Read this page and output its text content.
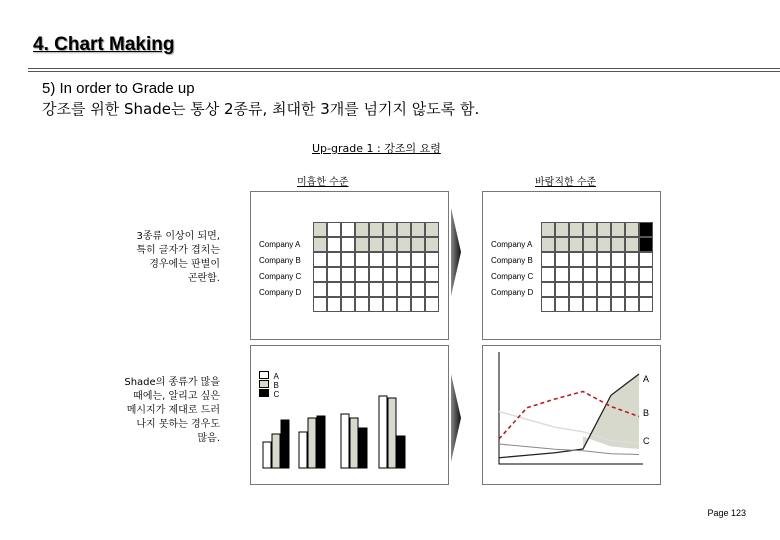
4. Chart Making
5) In order to Grade up
강조를 위한 Shade는 통상 2종류, 최대한 3개를 넘기지 않도록 함.
Up-grade 1 : 강조의 요령
미흡한 수준	바람직한 수준
3종류 이상이 되면,
특히 글자가 겹치는
경우에는 판별이
곤란함.
Shade의 종류가 많을
때에는, 알리고 싶은
메시지가 제대로 드러
나지 못하는 경우도
많음.
Company A
Company B
Company C
Company D
Company A
Company B
Company C
Company D
A
B
C
A
B
C
Page 123
